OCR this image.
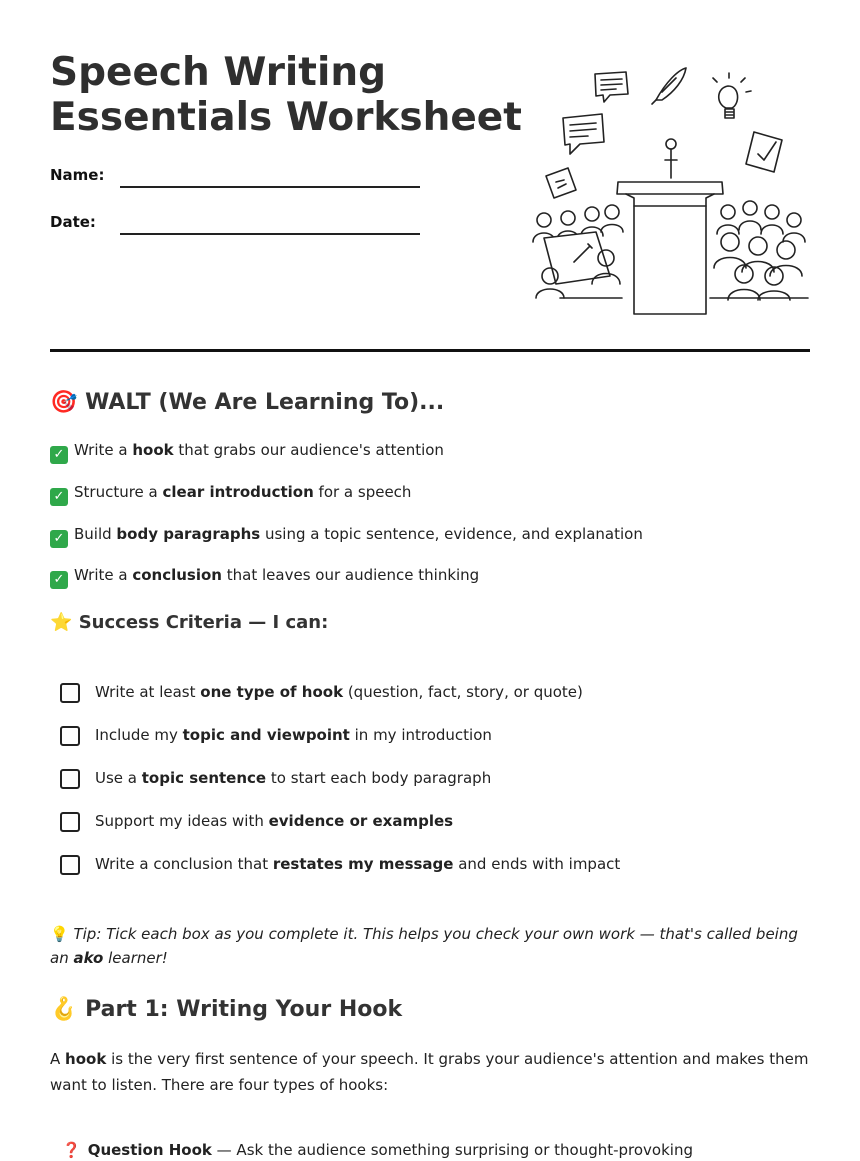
Speech Writing
Essentials Worksheet
Name:
Date:
🎯 WALT (We Are Learning To)...
✓ Write a hook that grabs our audience's attention
✓ Structure a clear introduction for a speech
✓ Build body paragraphs using a topic sentence, evidence, and explanation
✓ Write a conclusion that leaves our audience thinking
⭐ Success Criteria — I can:
Write at least one type of hook (question, fact, story, or quote)
Include my topic and viewpoint in my introduction
Use a topic sentence to start each body paragraph
Support my ideas with evidence or examples
Write a conclusion that restates my message and ends with impact

💡 Tip: Tick each box as you complete it. This helps you check your own work — that's called being an ako learner!

🪝 Part 1: Writing Your Hook

A hook is the very first sentence of your speech. It grabs your audience's attention and makes them want to listen. There are four types of hooks:

❓ Question Hook — Ask the audience something surprising or thought-provoking
